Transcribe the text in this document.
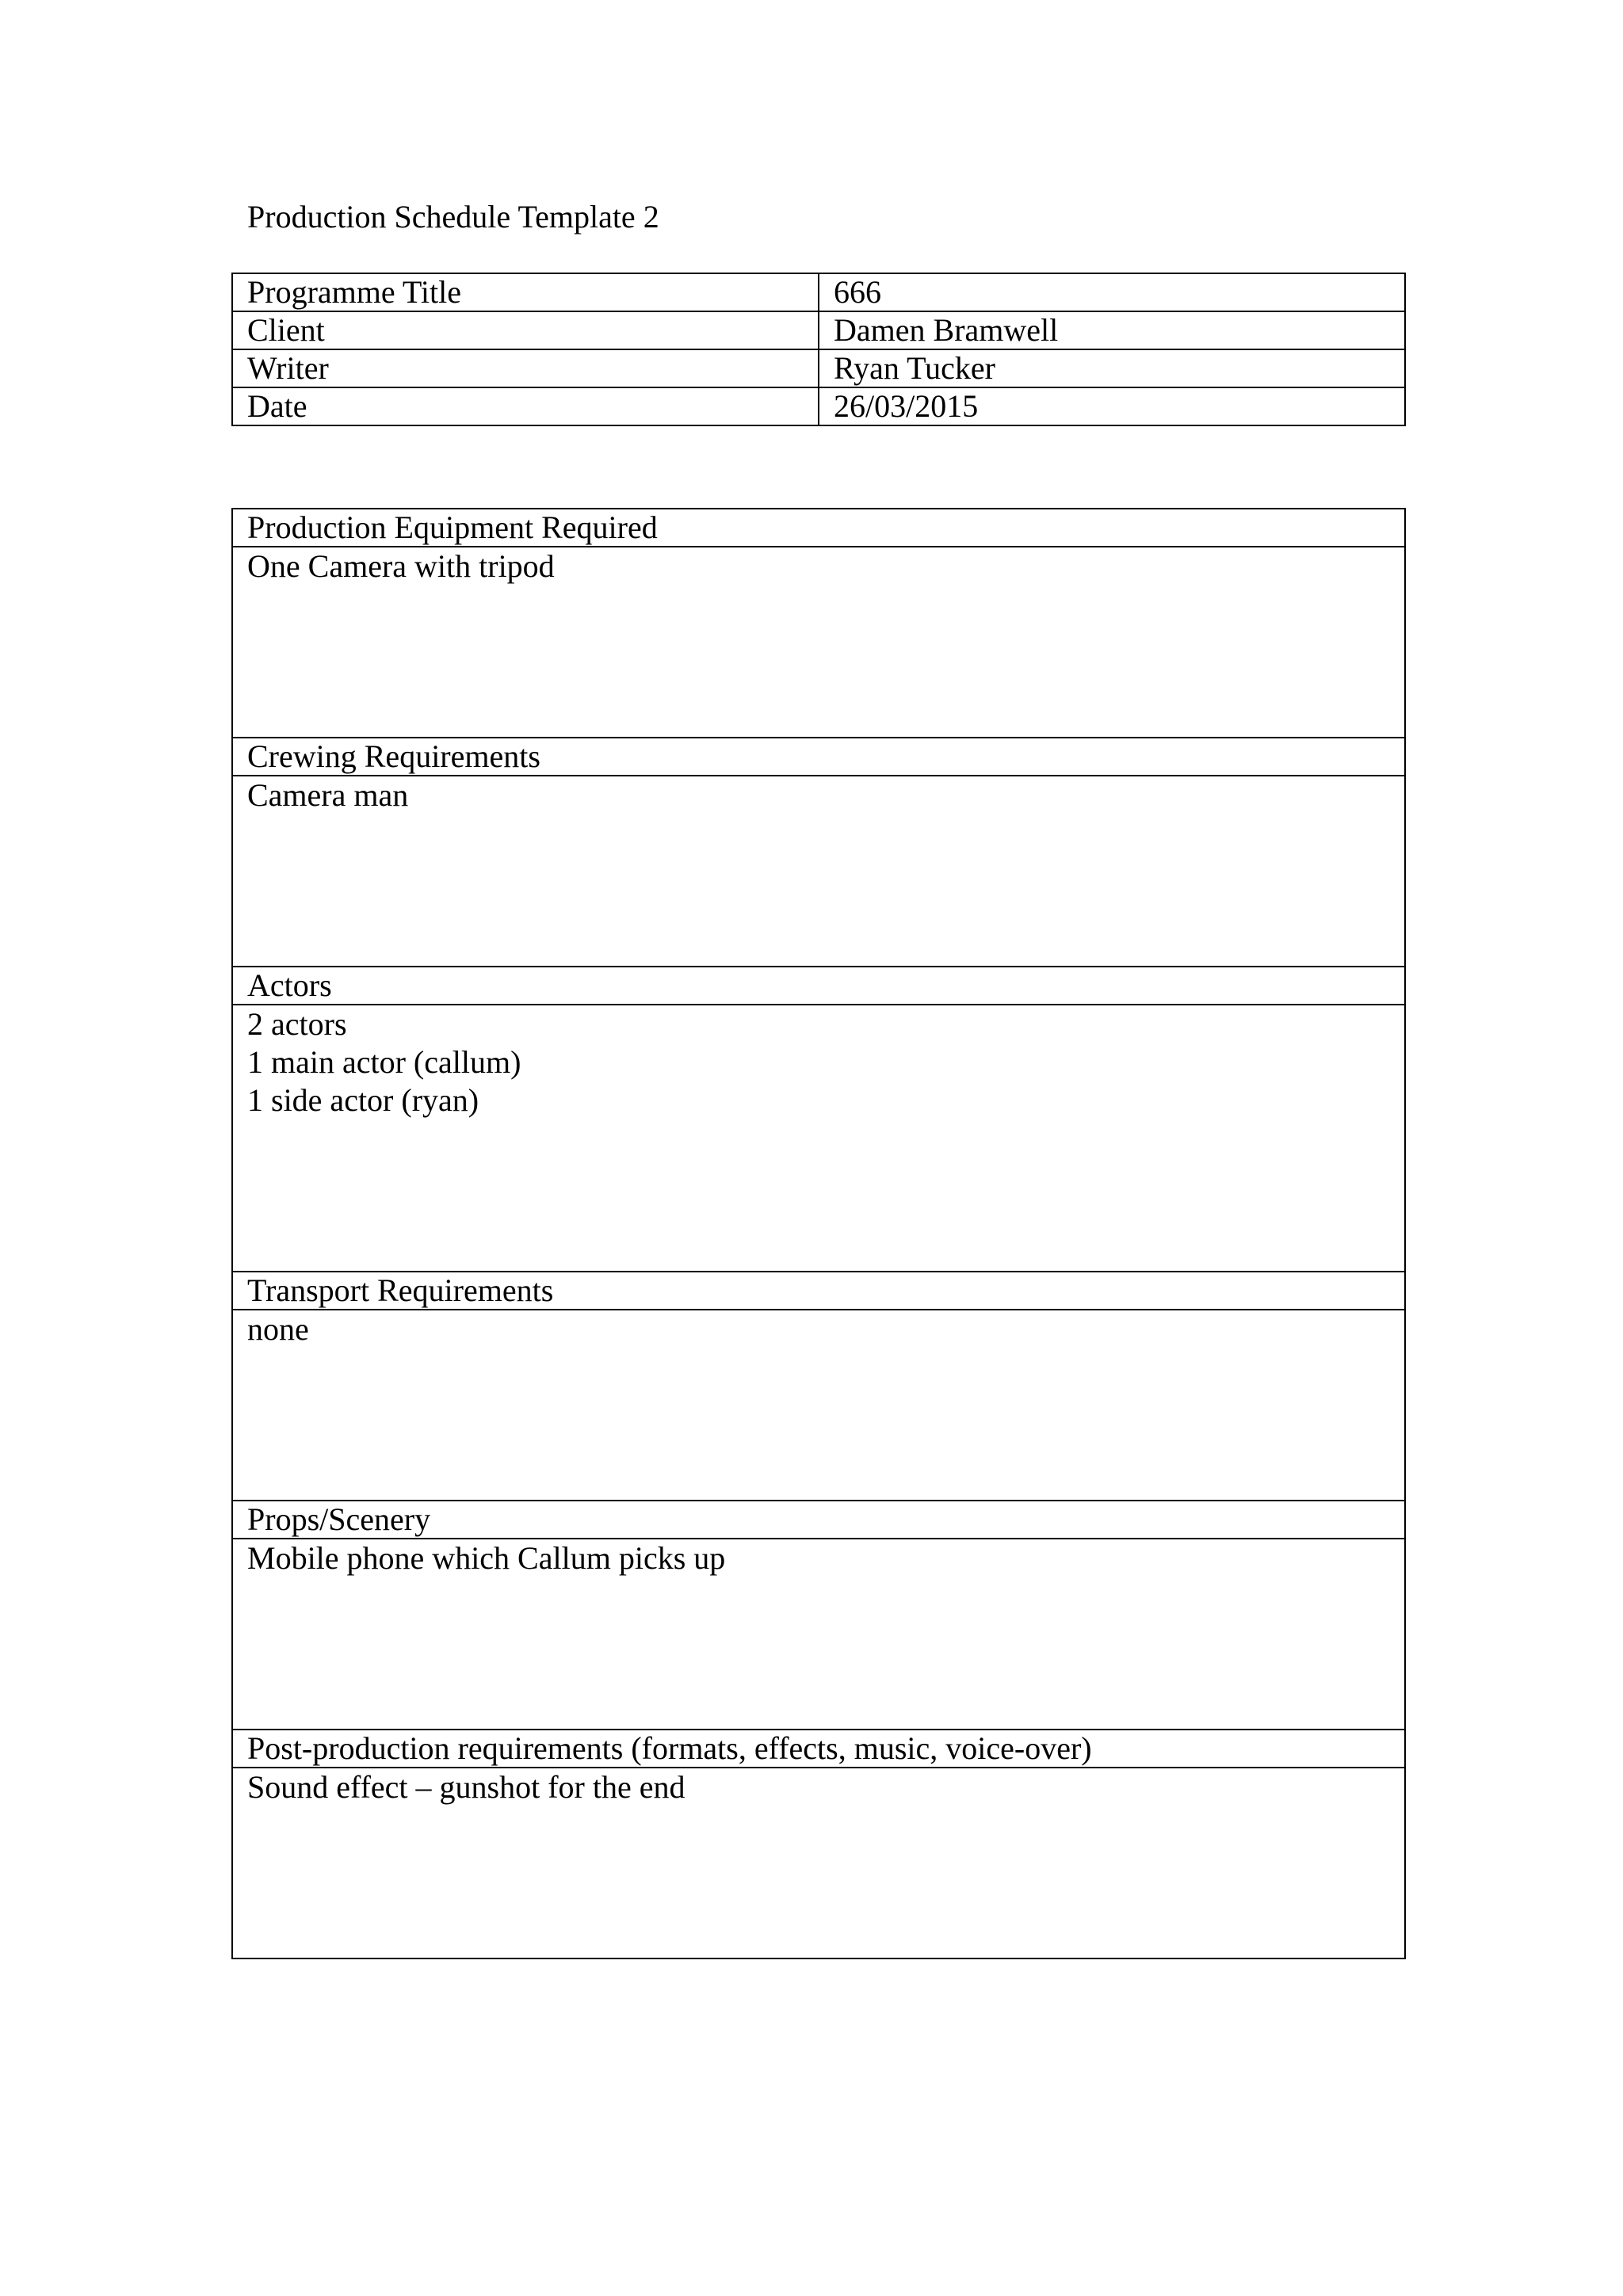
Production Schedule Template 2
Programme Title	666
Client	Damen Bramwell
Writer	Ryan Tucker
Date	26/03/2015
Production Equipment Required

One Camera with tripod

Crewing Requirements

Camera man

Actors

2 actors
1 main actor (callum)
1 side actor (ryan)

Transport Requirements

none

Props/Scenery

Mobile phone which Callum picks up

Post-production requirements (formats, effects, music, voice-over)

Sound effect – gunshot for the end
